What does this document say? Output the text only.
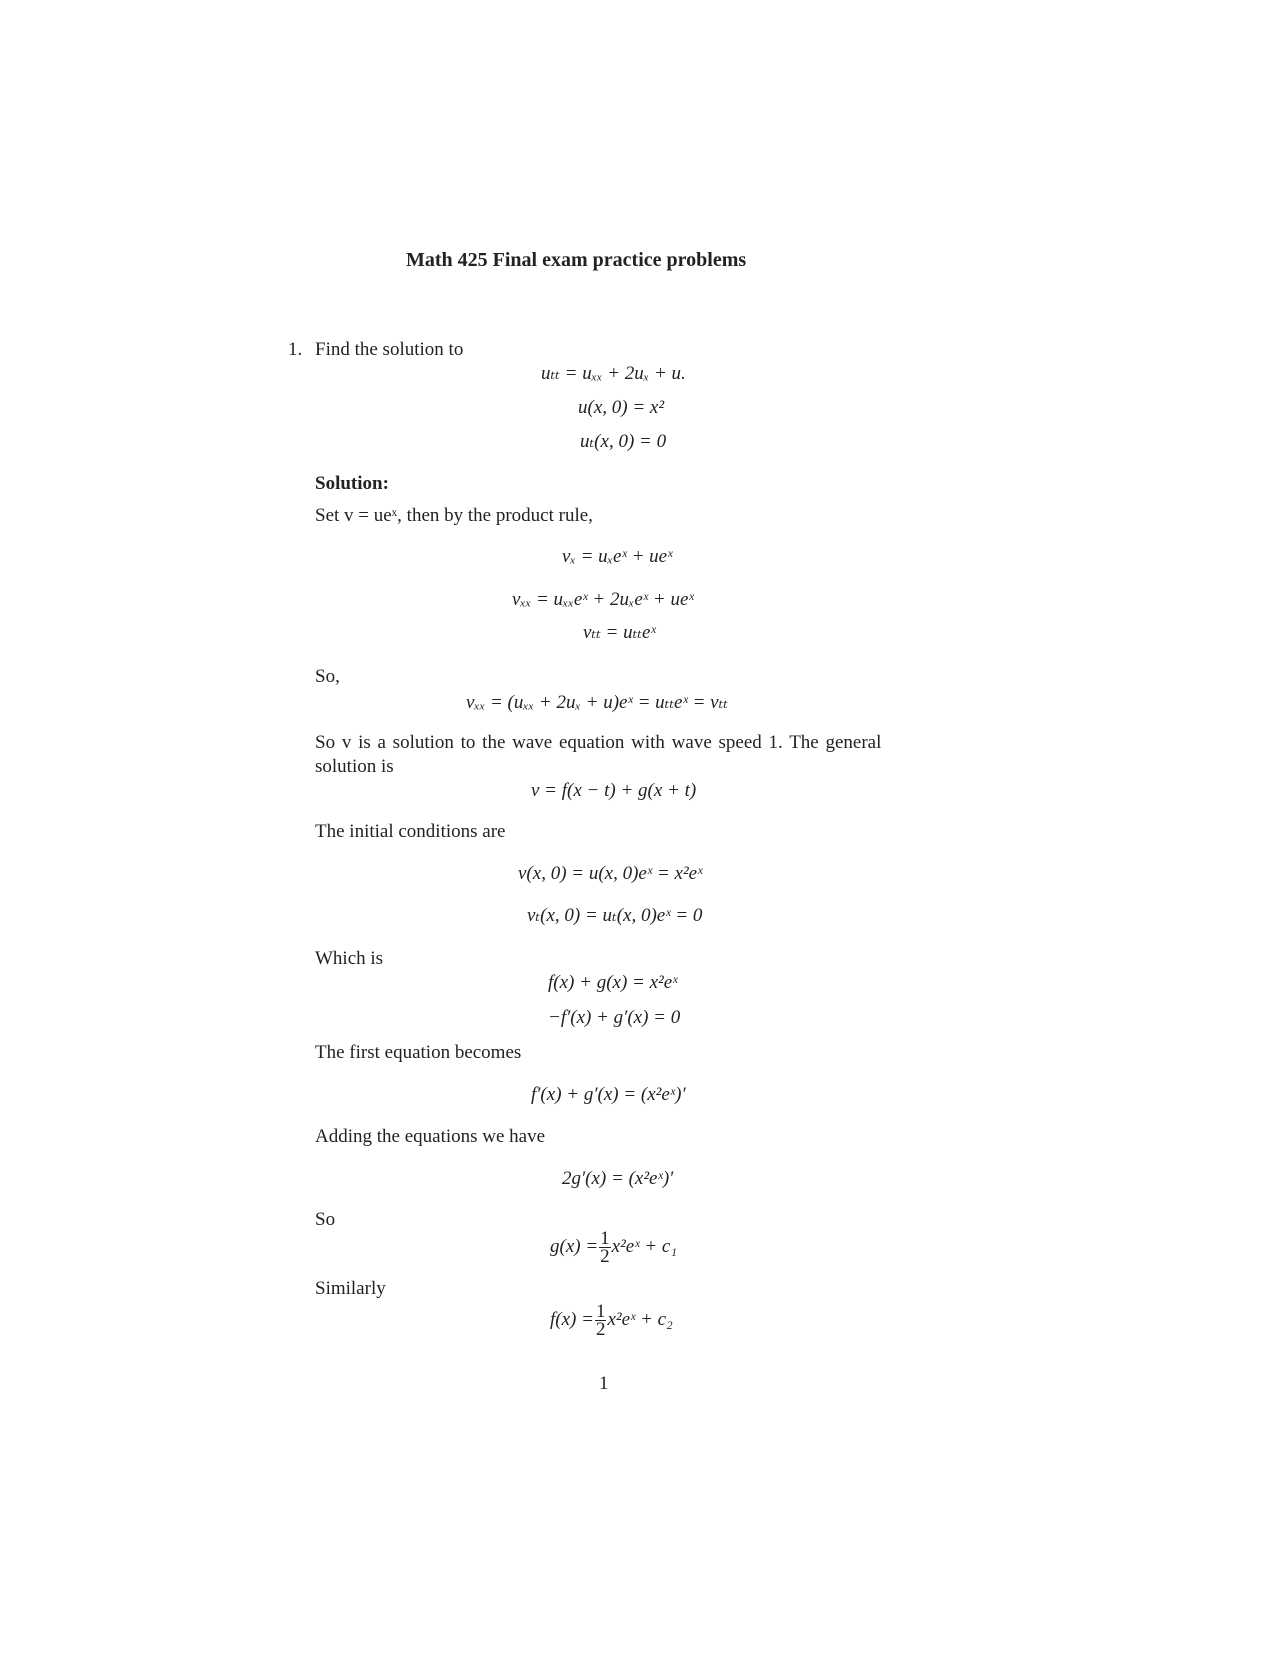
Math 425 Final exam practice problems
1. Find the solution to
uₜₜ = uₓₓ + 2uₓ + u.
u(x, 0) = x²
uₜ(x, 0) = 0
Solution:
Set v = ueˣ, then by the product rule,
vₓ = uₓeˣ + ueˣ
vₓₓ = uₓₓeˣ + 2uₓeˣ + ueˣ
vₜₜ = uₜₜeˣ
So,
vₓₓ = (uₓₓ + 2uₓ + u)eˣ = uₜₜeˣ = vₜₜ
So v is a solution to the wave equation with wave speed 1. The general
solution is
v = f(x − t) + g(x + t)
The initial conditions are
v(x, 0) = u(x, 0)eˣ = x²eˣ
vₜ(x, 0) = uₜ(x, 0)eˣ = 0
Which is
f(x) + g(x) = x²eˣ
−f′(x) + g′(x) = 0
The first equation becomes
f′(x) + g′(x) = (x²eˣ)′
Adding the equations we have
2g′(x) = (x²eˣ)′
So
$g(x) = \frac{1}{2}$ x²eˣ + c₁
Similarly
$f(x) = \frac{1}{2}$ x²eˣ + c₂
1
